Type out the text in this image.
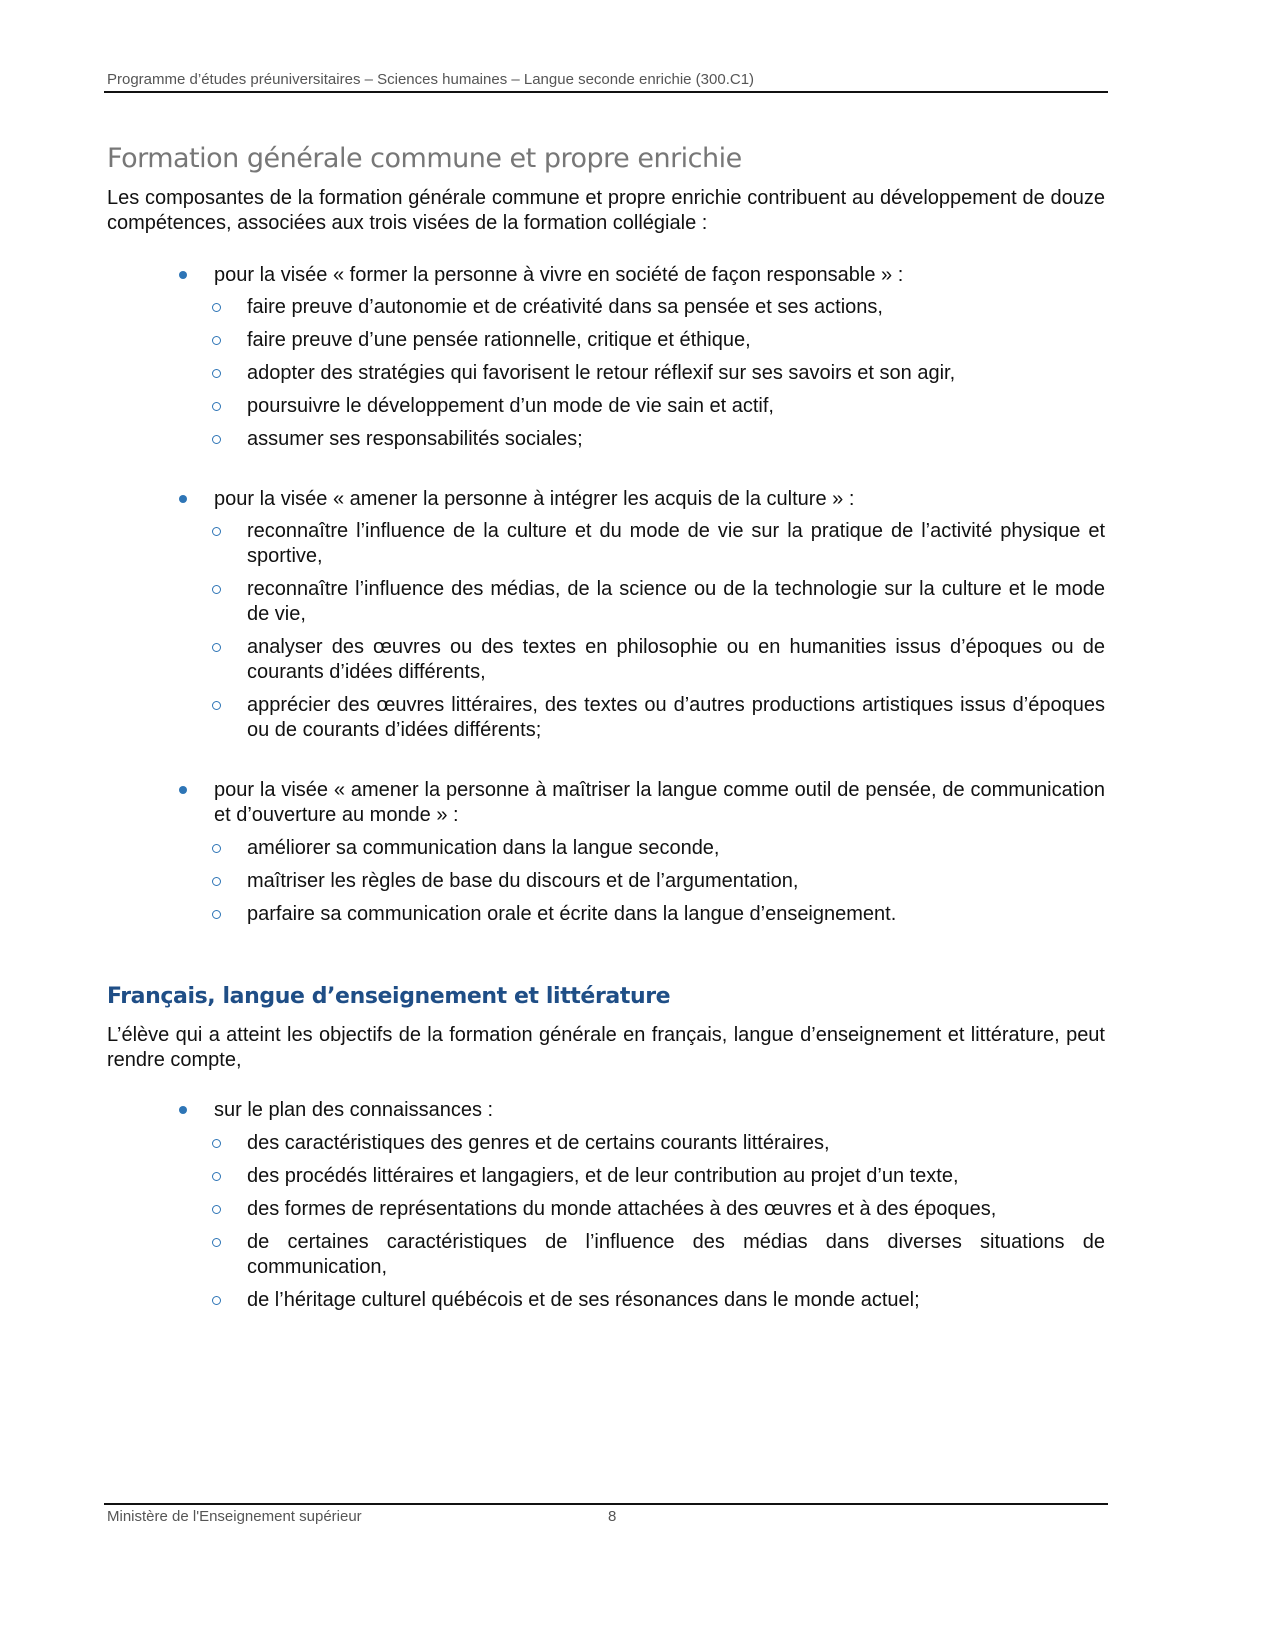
Programme d’études préuniversitaires – Sciences humaines – Langue seconde enrichie (300.C1)
Formation générale commune et propre enrichie
Les composantes de la formation générale commune et propre enrichie contribuent au développement de douze compétences, associées aux trois visées de la formation collégiale :
pour la visée « former la personne à vivre en société de façon responsable » :
faire preuve d’autonomie et de créativité dans sa pensée et ses actions,
faire preuve d’une pensée rationnelle, critique et éthique,
adopter des stratégies qui favorisent le retour réflexif sur ses savoirs et son agir,
poursuivre le développement d’un mode de vie sain et actif,
assumer ses responsabilités sociales;
pour la visée « amener la personne à intégrer les acquis de la culture » :
reconnaître l’influence de la culture et du mode de vie sur la pratique de l’activité physique et sportive,
reconnaître l’influence des médias, de la science ou de la technologie sur la culture et le mode de vie,
analyser des œuvres ou des textes en philosophie ou en humanities issus d’époques ou de courants d’idées différents,
apprécier des œuvres littéraires, des textes ou d’autres productions artistiques issus d’époques ou de courants d’idées différents;
pour la visée « amener la personne à maîtriser la langue comme outil de pensée, de communication et d’ouverture au monde » :
améliorer sa communication dans la langue seconde,
maîtriser les règles de base du discours et de l’argumentation,
parfaire sa communication orale et écrite dans la langue d’enseignement.
Français, langue d’enseignement et littérature
L’élève qui a atteint les objectifs de la formation générale en français, langue d’enseignement et littérature, peut rendre compte,
sur le plan des connaissances :
des caractéristiques des genres et de certains courants littéraires,
des procédés littéraires et langagiers, et de leur contribution au projet d’un texte,
des formes de représentations du monde attachées à des œuvres et à des époques,
de certaines caractéristiques de l’influence des médias dans diverses situations de communication,
de l’héritage culturel québécois et de ses résonances dans le monde actuel;
Ministère de l'Enseignement supérieur	8
